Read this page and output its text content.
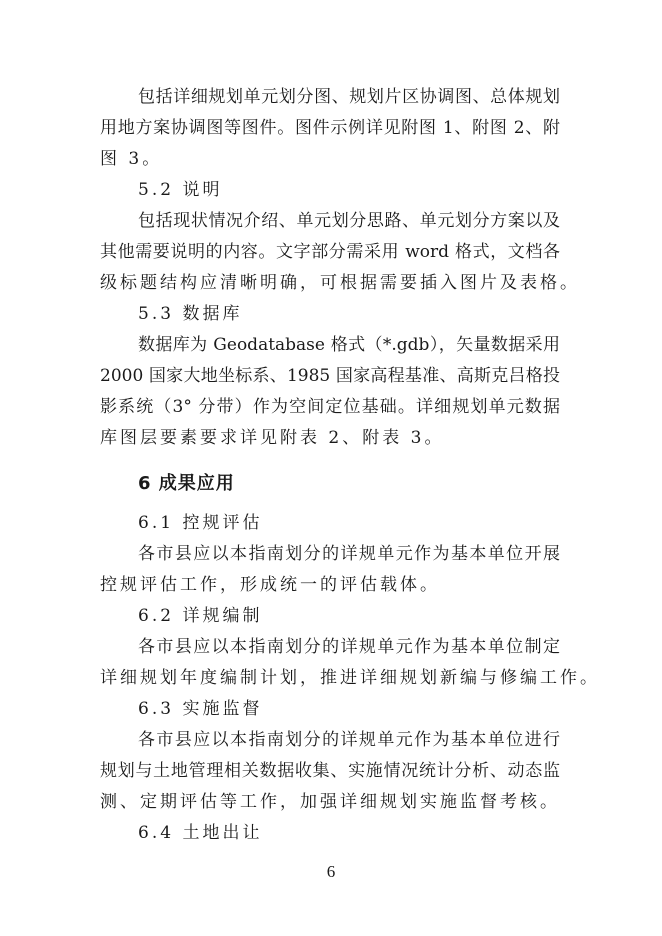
包括详细规划单元划分图、规划片区协调图、总体规划
用地方案协调图等图件。图件示例详见附图 1、附图 2、附
图 3。
5.2 说明
包括现状情况介绍、单元划分思路、单元划分方案以及
其他需要说明的内容。文字部分需采用 word 格式，文档各
级标题结构应清晰明确，可根据需要插入图片及表格。
5.3 数据库
数据库为 Geodatabase 格式（*.gdb），矢量数据采用
2000 国家大地坐标系、1985 国家高程基准、高斯克吕格投
影系统（3° 分带）作为空间定位基础。详细规划单元数据
库图层要素要求详见附表 2、附表 3。
6 成果应用
6.1 控规评估
各市县应以本指南划分的详规单元作为基本单位开展
控规评估工作，形成统一的评估载体。
6.2 详规编制
各市县应以本指南划分的详规单元作为基本单位制定
详细规划年度编制计划，推进详细规划新编与修编工作。
6.3 实施监督
各市县应以本指南划分的详规单元作为基本单位进行
规划与土地管理相关数据收集、实施情况统计分析、动态监
测、定期评估等工作，加强详细规划实施监督考核。
6.4 土地出让
6
